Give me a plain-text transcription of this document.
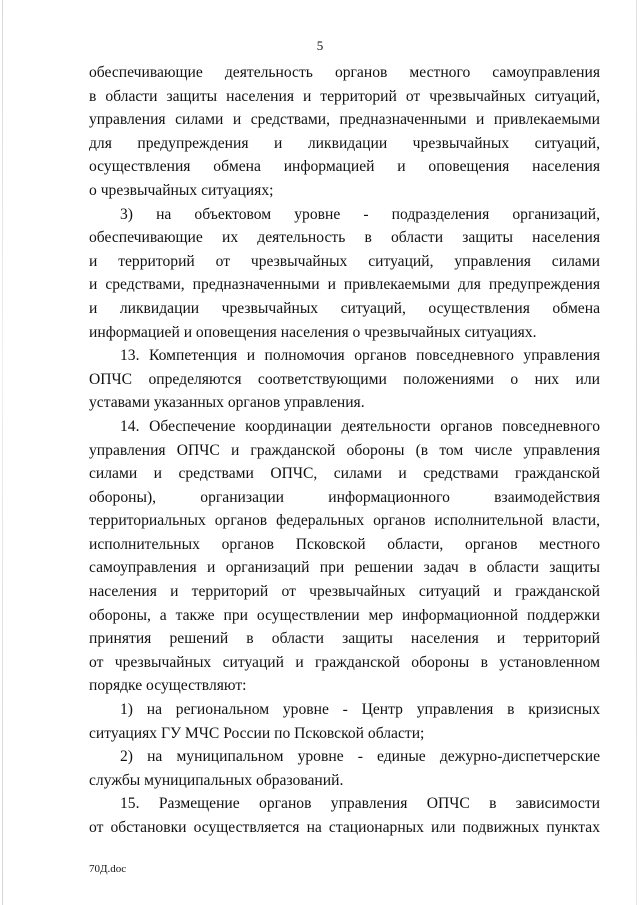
5
обеспечивающие деятельность органов местного самоуправления
в области защиты населения и территорий от чрезвычайных ситуаций,
управления силами и средствами, предназначенными и привлекаемыми
для предупреждения и ликвидации чрезвычайных ситуаций,
осуществления обмена информацией и оповещения населения
о чрезвычайных ситуациях;
3) на объектовом уровне - подразделения организаций,
обеспечивающие их деятельность в области защиты населения
и территорий от чрезвычайных ситуаций, управления силами
и средствами, предназначенными и привлекаемыми для предупреждения
и ликвидации чрезвычайных ситуаций, осуществления обмена
информацией и оповещения населения о чрезвычайных ситуациях.
13. Компетенция и полномочия органов повседневного управления
ОПЧС определяются соответствующими положениями о них или
уставами указанных органов управления.
14. Обеспечение координации деятельности органов повседневного
управления ОПЧС и гражданской обороны (в том числе управления
силами и средствами ОПЧС, силами и средствами гражданской
обороны), организации информационного взаимодействия
территориальных органов федеральных органов исполнительной власти,
исполнительных органов Псковской области, органов местного
самоуправления и организаций при решении задач в области защиты
населения и территорий от чрезвычайных ситуаций и гражданской
обороны, а также при осуществлении мер информационной поддержки
принятия решений в области защиты населения и территорий
от чрезвычайных ситуаций и гражданской обороны в установленном
порядке осуществляют:
1) на региональном уровне - Центр управления в кризисных
ситуациях ГУ МЧС России по Псковской области;
2) на муниципальном уровне - единые дежурно-диспетчерские
службы муниципальных образований.
15. Размещение органов управления ОПЧС в зависимости
от обстановки осуществляется на стационарных или подвижных пунктах
70Д.doc
